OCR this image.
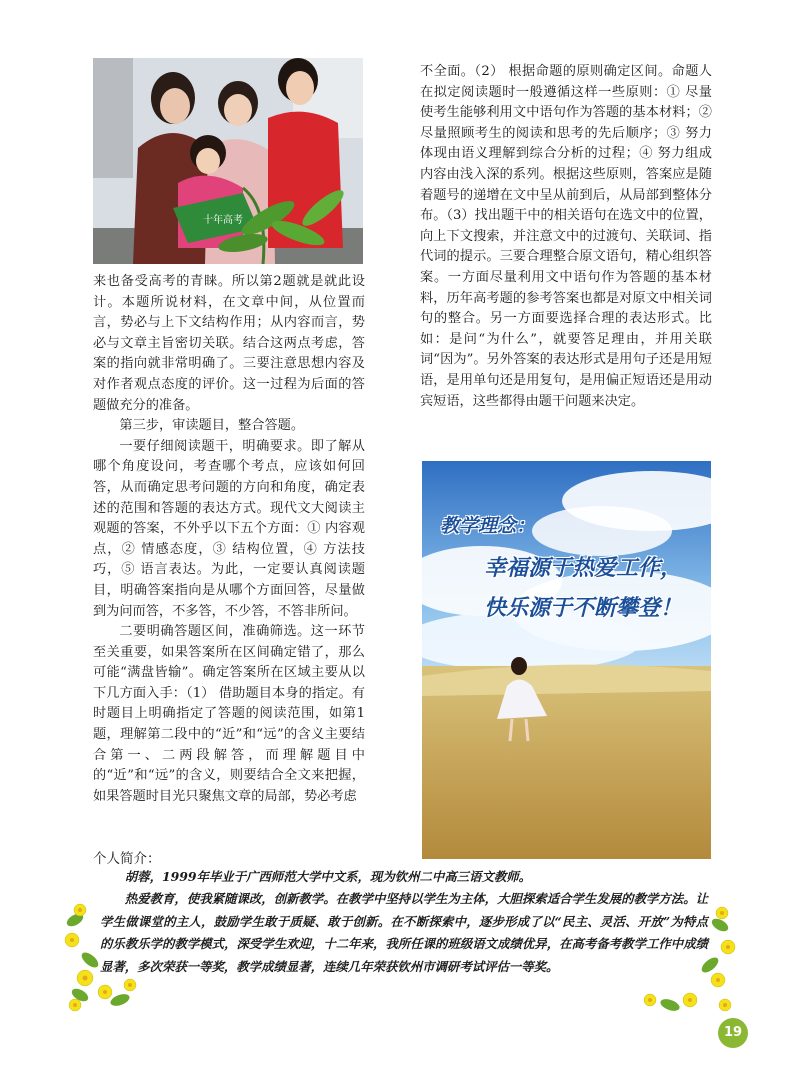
十年高考

来也备受高考的青睐。所以第2题就是就此设计。本题所说材料，在文章中间，从位置而言，势必与上下文结构作用；从内容而言，势必与文章主旨密切关联。结合这两点考虑，答案的指向就非常明确了。三要注意思想内容及对作者观点态度的评价。这一过程为后面的答题做充分的准备。

第三步，审读题目，整合答题。

一要仔细阅读题干，明确要求。即了解从哪个角度设问，考查哪个考点，应该如何回答，从而确定思考问题的方向和角度，确定表述的范围和答题的表达方式。现代文大阅读主观题的答案，不外乎以下五个方面：① 内容观点，② 情感态度，③ 结构位置，④ 方法技巧，⑤ 语言表达。为此，一定要认真阅读题目，明确答案指向是从哪个方面回答，尽量做到为问而答，不多答，不少答，不答非所问。

二要明确答题区间，准确筛选。这一环节至关重要，如果答案所在区间确定错了，那么可能“满盘皆输”。确定答案所在区域主要从以下几方面入手：（1） 借助题目本身的指定。有时题目上明确指定了答题的阅读范围，如第1题，理解第二段中的“近”和“远”的含义主要结合第一、二两段解答，而理解题目中的“近”和“远”的含义，则要结合全文来把握，如果答题时目光只聚焦文章的局部，势必考虑

不全面。（2） 根据命题的原则确定区间。命题人在拟定阅读题时一般遵循这样一些原则：① 尽量使考生能够利用文中语句作为答题的基本材料；② 尽量照顾考生的阅读和思考的先后顺序；③ 努力体现由语义理解到综合分析的过程；④ 努力组成内容由浅入深的系列。根据这些原则，答案应是随着题号的递增在文中呈从前到后，从局部到整体分布。（3）找出题干中的相关语句在选文中的位置，向上下文搜索，并注意文中的过渡句、关联词、指代词的提示。三要合理整合原文语句，精心组织答案。一方面尽量利用文中语句作为答题的基本材料，历年高考题的参考答案也都是对原文中相关词句的整合。另一方面要选择合理的表达形式。比如：是问“为什么”，就要答足理由，并用关联词“因为”。另外答案的表达形式是用句子还是用短语，是用单句还是用复句，是用偏正短语还是用动宾短语，这些都得由题干问题来决定。

教学理念：
幸福源于热爱工作，
快乐源于不断攀登！
个人简介：

胡蓉，1999年毕业于广西师范大学中文系，现为钦州二中高三语文教师。

热爱教育，使我紧随课改，创新教学。在教学中坚持以学生为主体，大胆探索适合学生发展的教学方法。让学生做课堂的主人，鼓励学生敢于质疑、敢于创新。在不断探索中，逐步形成了以“民主、灵活、开放”为特点的乐教乐学的教学模式，深受学生欢迎，十二年来，我所任课的班级语文成绩优异，在高考备考教学工作中成绩显著，多次荣获一等奖，教学成绩显著，连续几年荣获钦州市调研考试评估一等奖。

19
